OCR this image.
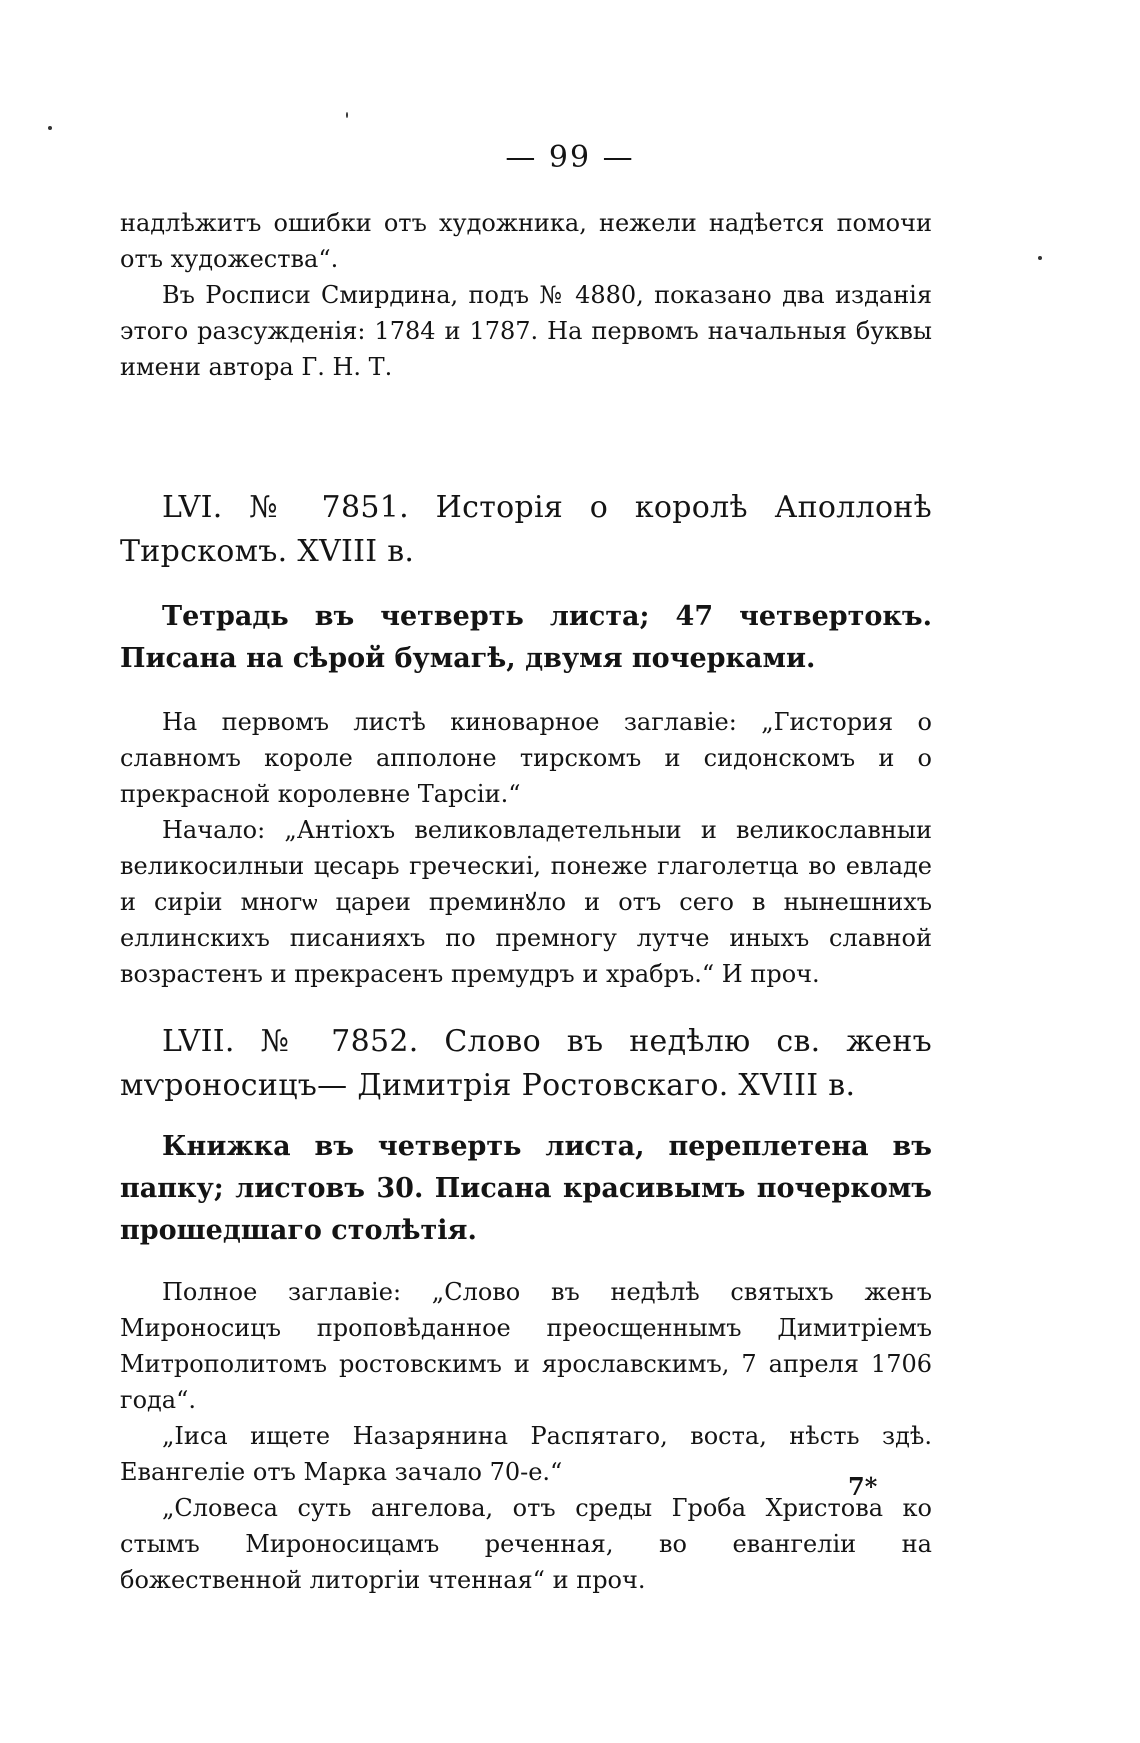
— 99 —

надлѣжитъ ошибки отъ художника, нежели надѣется помочи отъ художества“.

Въ Росписи Смирдина, подъ № 4880, показано два изданія этого разсужденія: 1784 и 1787. На первомъ начальныя буквы имени автора Г. Н. Т.

LVI. № 7851. Исторія о королѣ Аполлонѣ Тирскомъ. XVIII в.

Тетрадь въ четверть листа; 47 четвертокъ. Писана на сѣрой бумагѣ, двумя почерками.

На первомъ листѣ киноварное заглавіе: „Гистория о славномъ короле апполоне тирскомъ и сидонскомъ и о прекрасной королевне Тарсіи.“

Начало: „Антіохъ великовладетельныи и великославныи великосилныи цесарь греческиі, понеже глаголетца во евладе и сиріи многѡ цареи преминꙋло и отъ сего в нынешнихъ еллинскихъ писанияхъ по премногу лутче иныхъ славной возрастенъ и прекрасенъ премудръ и храбръ.“ И проч.

LVII. № 7852. Слово въ недѣлю св. женъ мѵроносицъ— Димитрія Ростовскаго. XVIII в.

Книжка въ четверть листа, переплетена въ папку; листовъ 30. Писана красивымъ почеркомъ прошедшаго столѣтія.

Полное заглавіе: „Слово въ недѣлѣ святыхъ женъ Мироносицъ проповѣданное преосщеннымъ Димитріемъ Митрополитомъ ростовскимъ и ярославскимъ, 7 апреля 1706 года“.

„Іиса ищете Назарянина Распятаго, воста, нѣсть здѣ. Евангеліе отъ Марка зачало 70-е.“

„Словеса суть ангелова, отъ среды Гроба Христова ко стымъ Мироносицамъ реченная, во евангеліи на божественной литоргіи чтенная“ и проч.

7*
